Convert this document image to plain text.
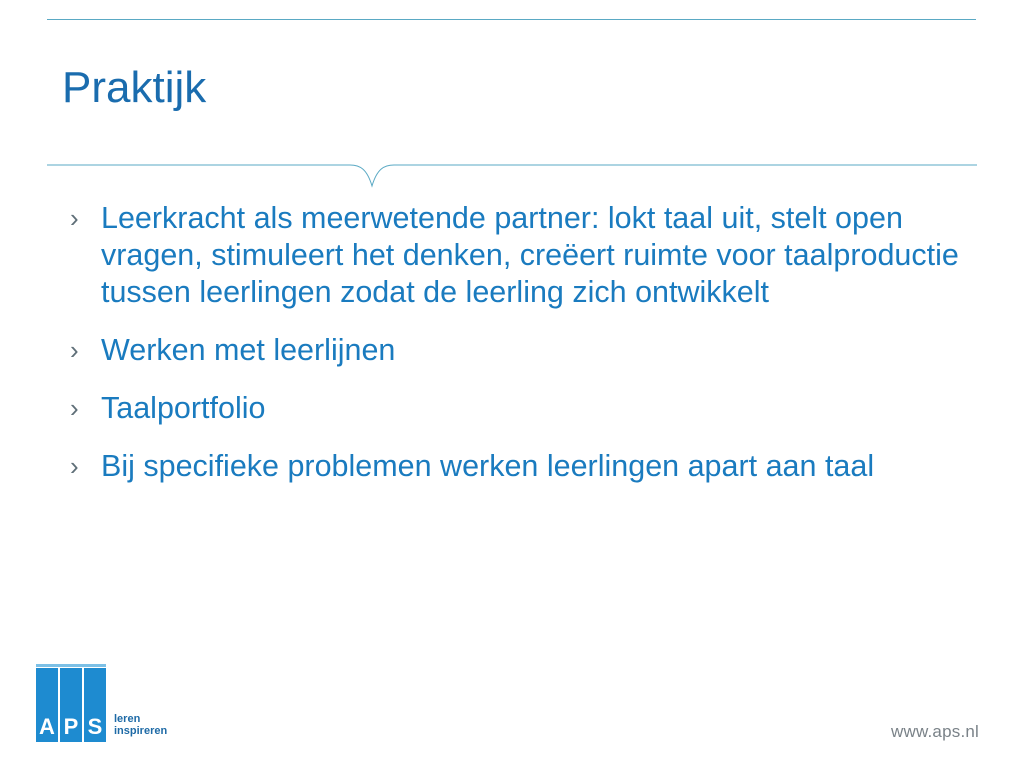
Praktijk
› Leerkracht als meerwetende partner: lokt taal uit, stelt open vragen, stimuleert het denken, creëert ruimte voor taalproductie tussen leerlingen zodat de leerling zich ontwikkelt
› Werken met leerlijnen
› Taalportfolio
› Bij specifieke problemen werken leerlingen apart aan taal
A P S leren
inspireren	www.aps.nl
